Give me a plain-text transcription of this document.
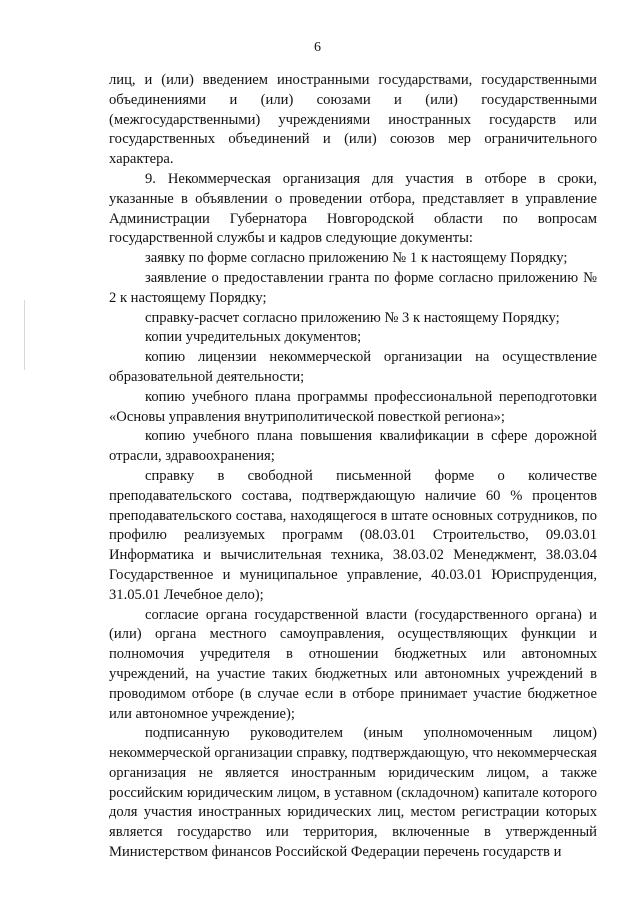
6

лиц, и (или) введением иностранными государствами, государственными объединениями и (или) союзами и (или) государственными (межгосударственными) учреждениями иностранных государств или государственных объединений и (или) союзов мер ограничительного характера.

9. Некоммерческая организация для участия в отборе в сроки, указанные в объявлении о проведении отбора, представляет в управление Администрации Губернатора Новгородской области по вопросам государственной службы и кадров следующие документы:

заявку по форме согласно приложению № 1 к настоящему Порядку;

заявление о предоставлении гранта по форме согласно приложению № 2 к настоящему Порядку;

справку-расчет согласно приложению № 3 к настоящему Порядку;

копии учредительных документов;

копию лицензии некоммерческой организации на осуществление образовательной деятельности;

копию учебного плана программы профессиональной переподготовки «Основы управления внутриполитической повесткой региона»;

копию учебного плана повышения квалификации в сфере дорожной отрасли, здравоохранения;

справку в свободной письменной форме о количестве преподавательского состава, подтверждающую наличие 60 % процентов преподавательского состава, находящегося в штате основных сотрудников, по профилю реализуемых программ (08.03.01 Строительство, 09.03.01 Информатика и вычислительная техника, 38.03.02 Менеджмент, 38.03.04 Государственное и муниципальное управление, 40.03.01 Юриспруденция, 31.05.01 Лечебное дело);

согласие органа государственной власти (государственного органа) и (или) органа местного самоуправления, осуществляющих функции и полномочия учредителя в отношении бюджетных или автономных учреждений, на участие таких бюджетных или автономных учреждений в проводимом отборе (в случае если в отборе принимает участие бюджетное или автономное учреждение);

подписанную руководителем (иным уполномоченным лицом) некоммерческой организации справку, подтверждающую, что некоммерческая организация не является иностранным юридическим лицом, а также российским юридическим лицом, в уставном (складочном) капитале которого доля участия иностранных юридических лиц, местом регистрации которых является государство или территория, включенные в утвержденный Министерством финансов Российской Федерации перечень государств и
